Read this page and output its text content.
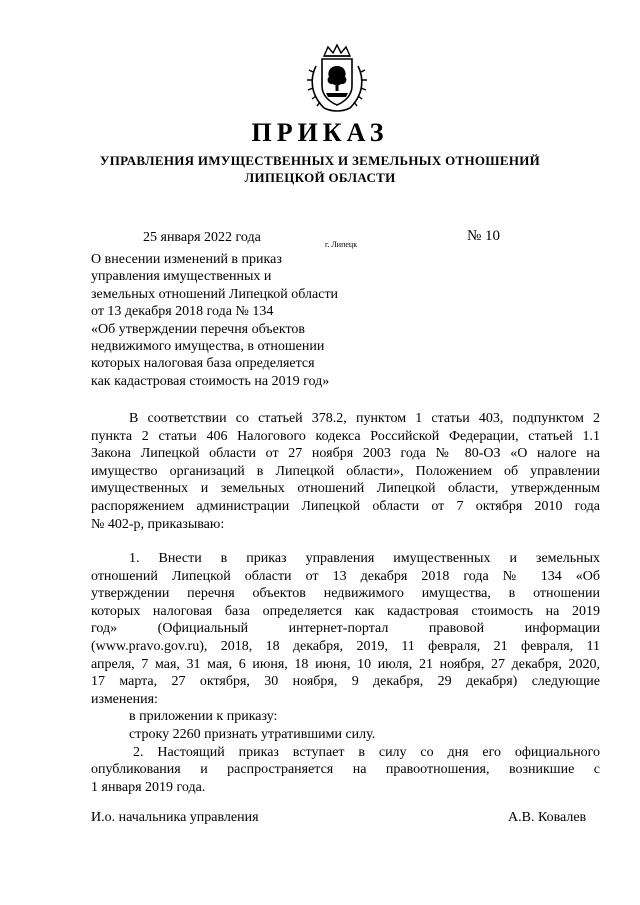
ПРИКАЗ
УПРАВЛЕНИЯ ИМУЩЕСТВЕННЫХ И ЗЕМЕЛЬНЫХ ОТНОШЕНИЙ
ЛИПЕЦКОЙ ОБЛАСТИ
25 января 2022 года	г. Липецк
№ 10
О внесении изменений в приказ
управления имущественных и
земельных отношений Липецкой области
от 13 декабря 2018 года № 134
«Об утверждении перечня объектов
недвижимого имущества, в отношении
которых налоговая база определяется
как кадастровая стоимость на 2019 год»
В соответствии со статьей 378.2, пунктом 1 статьи 403, подпунктом 2
пункта 2 статьи 406 Налогового кодекса Российской Федерации, статьей 1.1
Закона Липецкой области от 27 ноября 2003 года № 80-ОЗ «О налоге на
имущество организаций в Липецкой области», Положением об управлении
имущественных и земельных отношений Липецкой области, утвержденным
распоряжением администрации Липецкой области от 7 октября 2010 года
№ 402-р, приказываю:
1. Внести в приказ управления имущественных и земельных
отношений Липецкой области от 13 декабря 2018 года № 134 «Об
утверждении перечня объектов недвижимого имущества, в отношении
которых налоговая база определяется как кадастровая стоимость на 2019
год» (Официальный интернет-портал правовой информации
(www.pravo.gov.ru), 2018, 18 декабря, 2019, 11 февраля, 21 февраля, 11
апреля, 7 мая, 31 мая, 6 июня, 18 июня, 10 июля, 21 ноября, 27 декабря, 2020,
17 марта, 27 октября, 30 ноября, 9 декабря, 29 декабря) следующие
изменения:
в приложении к приказу:
строку 2260 признать утратившими силу.
2. Настоящий приказ вступает в силу со дня его официального
опубликования и распространяется на правоотношения, возникшие с
1 января 2019 года.
И.о. начальника управления	А.В. Ковалев
